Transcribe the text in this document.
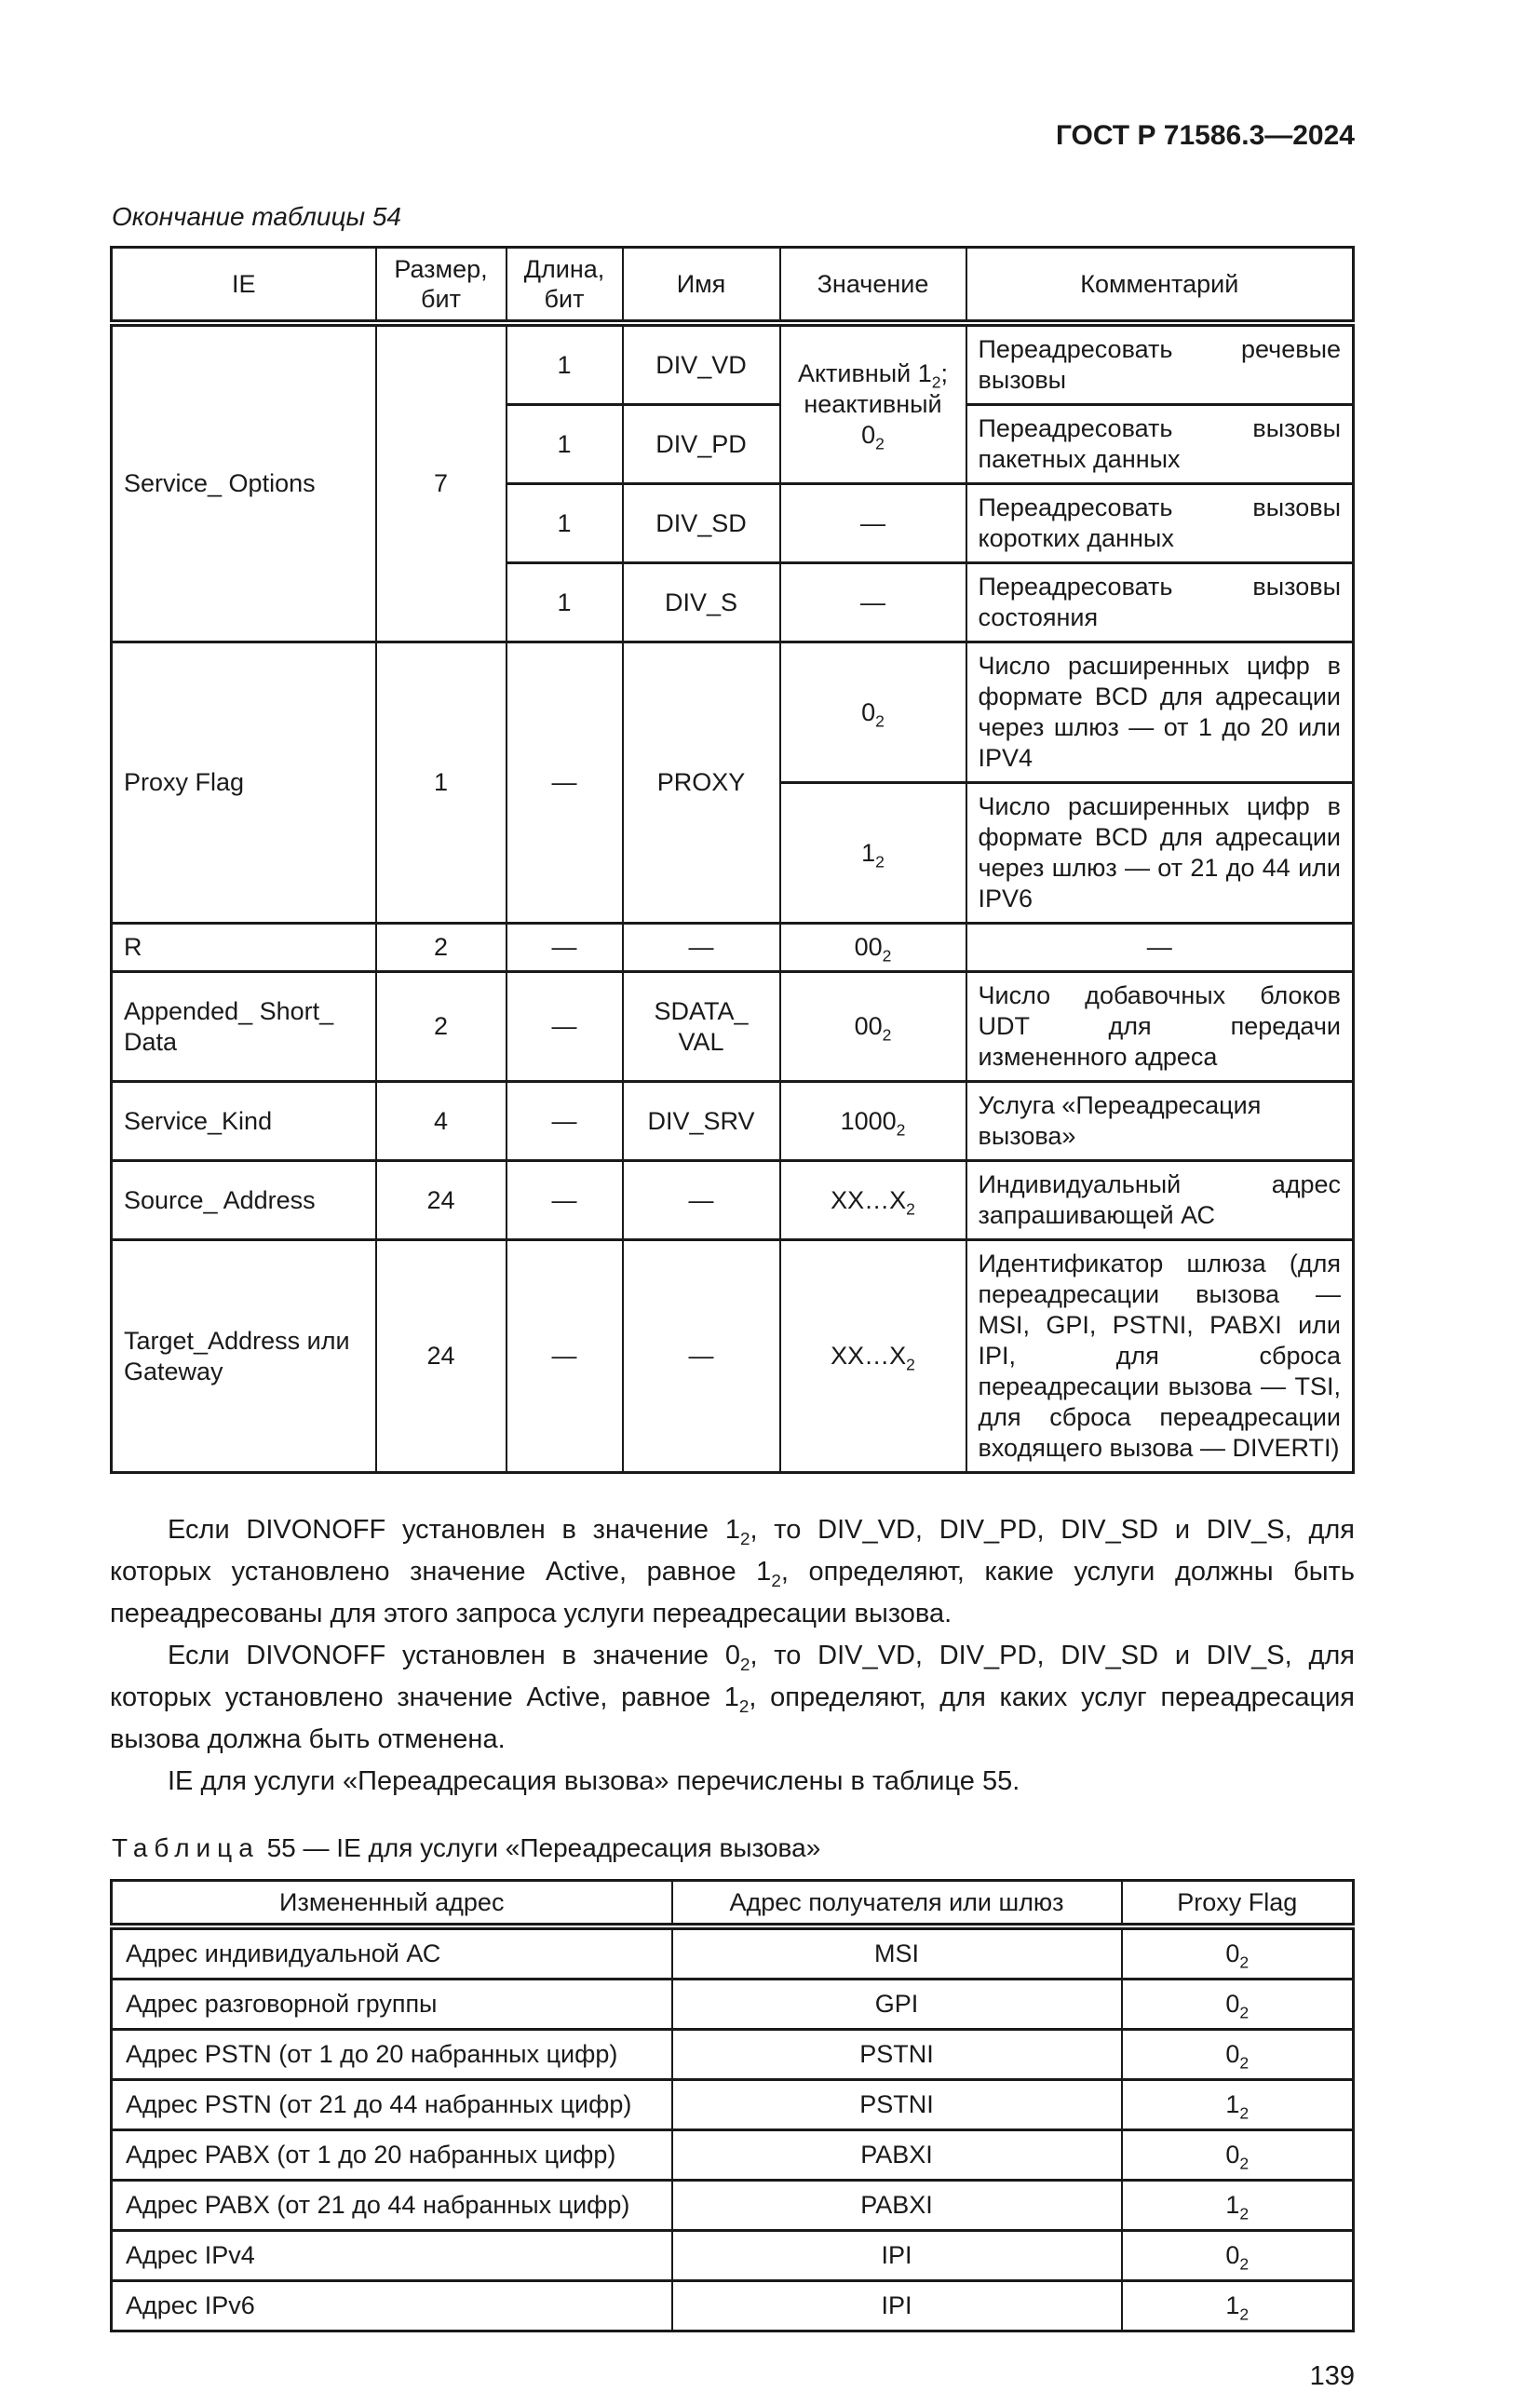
ГОСТ Р 71586.3—2024
Окончание таблицы 54
IE	Размер, бит	Длина, бит	Имя	Значение	Комментарий
Service_ Options	7	1	DIV_VD	Активный $1_2$; неактивный $0_2$	Переадресовать речевые вызовы
		1	DIV_PD		Переадресовать вызовы пакетных данных
		1	DIV_SD	—	Переадресовать вызовы коротких данных
		1	DIV_S	—	Переадресовать вызовы состояния
Proxy Flag	1	—	PROXY	$0_2$	Число расширенных цифр в формате BCD для адресации через шлюз — от 1 до 20 или IPV4
				$1_2$	Число расширенных цифр в формате BCD для адресации через шлюз — от 21 до 44 или IPV6
R	2	—	—	$00_2$	—
Appended_ Short_ Data	2	—	SDATA_ VAL	$00_2$	Число добавочных блоков UDT для передачи измененного адреса
Service_Kind	4	—	DIV_SRV	$1000_2$	Услуга «Переадресация вызова»
Source_ Address	24	—	—	$XX\dots X_2$	Индивидуальный адрес запрашивающей АС
Target_Address или Gateway	24	—	—	$XX\dots X_2$	Идентификатор шлюза (для переадресации вызова — MSI, GPI, PSTNI, PABXI или IPI, для сброса переадресации вызова — TSI, для сброса переадресации входящего вызова — DIVERTI)

Если DIVONOFF установлен в значение $1_2$, то DIV_VD, DIV_PD, DIV_SD и DIV_S, для которых установлено значение Active, равное $1_2$, определяют, какие услуги должны быть переадресованы для этого запроса услуги переадресации вызова.

Если DIVONOFF установлен в значение $0_2$, то DIV_VD, DIV_PD, DIV_SD и DIV_S, для которых установлено значение Active, равное $1_2$, определяют, для каких услуг переадресация вызова должна быть отменена.

IE для услуги «Переадресация вызова» перечислены в таблице 55.

Таблица 55 — IE для услуги «Переадресация вызова»
Измененный адрес	Адрес получателя или шлюз	Proxy Flag
Адрес индивидуальной АС	MSI	$0_2$
Адрес разговорной группы	GPI	$0_2$
Адрес PSTN (от 1 до 20 набранных цифр)	PSTNI	$0_2$
Адрес PSTN (от 21 до 44 набранных цифр)	PSTNI	$1_2$
Адрес PABX (от 1 до 20 набранных цифр)	PABXI	$0_2$
Адрес PABX (от 21 до 44 набранных цифр)	PABXI	$1_2$
Адрес IPv4	IPI	$0_2$
Адрес IPv6	IPI	$1_2$
139
